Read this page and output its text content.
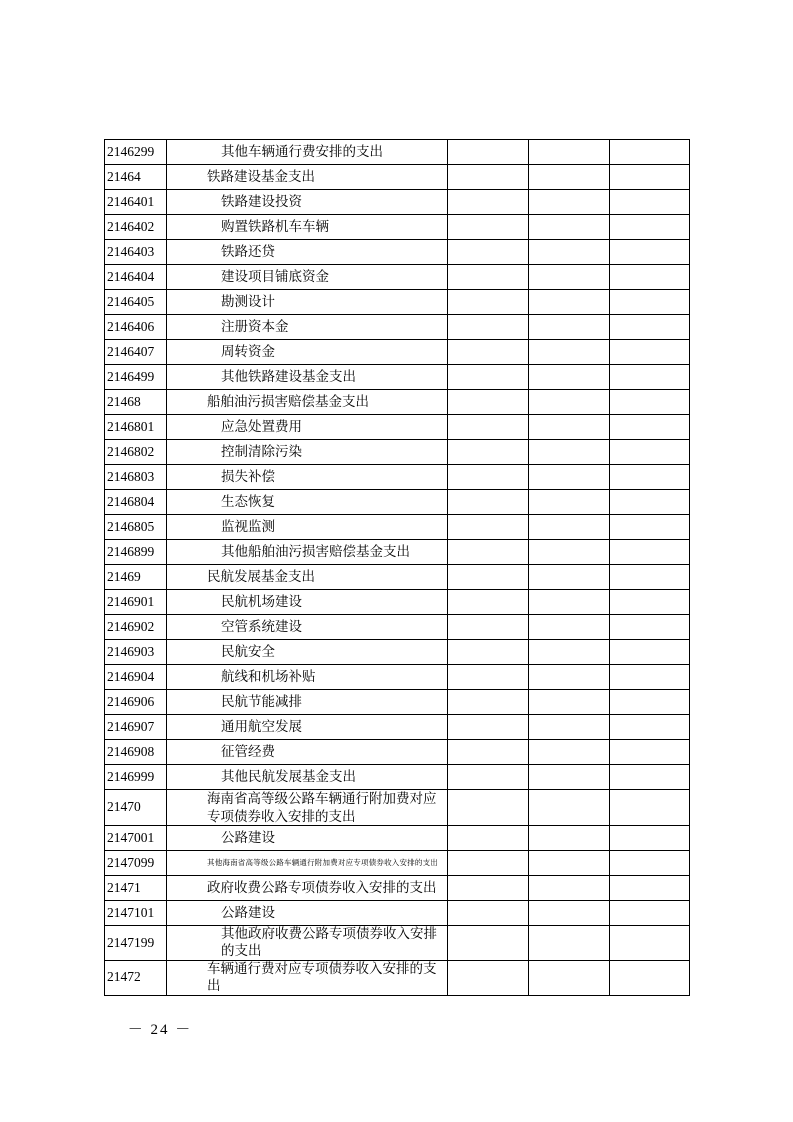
2146299	其他车辆通行费安排的支出			

21464	铁路建设基金支出			

2146401	铁路建设投资			

2146402	购置铁路机车车辆			

2146403	铁路还贷			

2146404	建设项目铺底资金			

2146405	勘测设计			

2146406	注册资本金			

2146407	周转资金			

2146499	其他铁路建设基金支出			

21468	船舶油污损害赔偿基金支出			

2146801	应急处置费用			

2146802	控制清除污染			

2146803	损失补偿			

2146804	生态恢复			

2146805	监视监测			

2146899	其他船舶油污损害赔偿基金支出			

21469	民航发展基金支出			

2146901	民航机场建设			

2146902	空管系统建设			

2146903	民航安全			

2146904	航线和机场补贴			

2146906	民航节能减排			

2146907	通用航空发展			

2146908	征管经费			

2146999	其他民航发展基金支出			

21470	海南省高等级公路车辆通行附加费对应专项债券收入安排的支出			

2147001	公路建设			

2147099	其他海南省高等级公路车辆通行附加费对应专项债券收入安排的支出			

21471	政府收费公路专项债券收入安排的支出			

2147101	公路建设			

2147199	其他政府收费公路专项债券收入安排的支出			

21472	车辆通行费对应专项债券收入安排的支出			

－ 24 －
